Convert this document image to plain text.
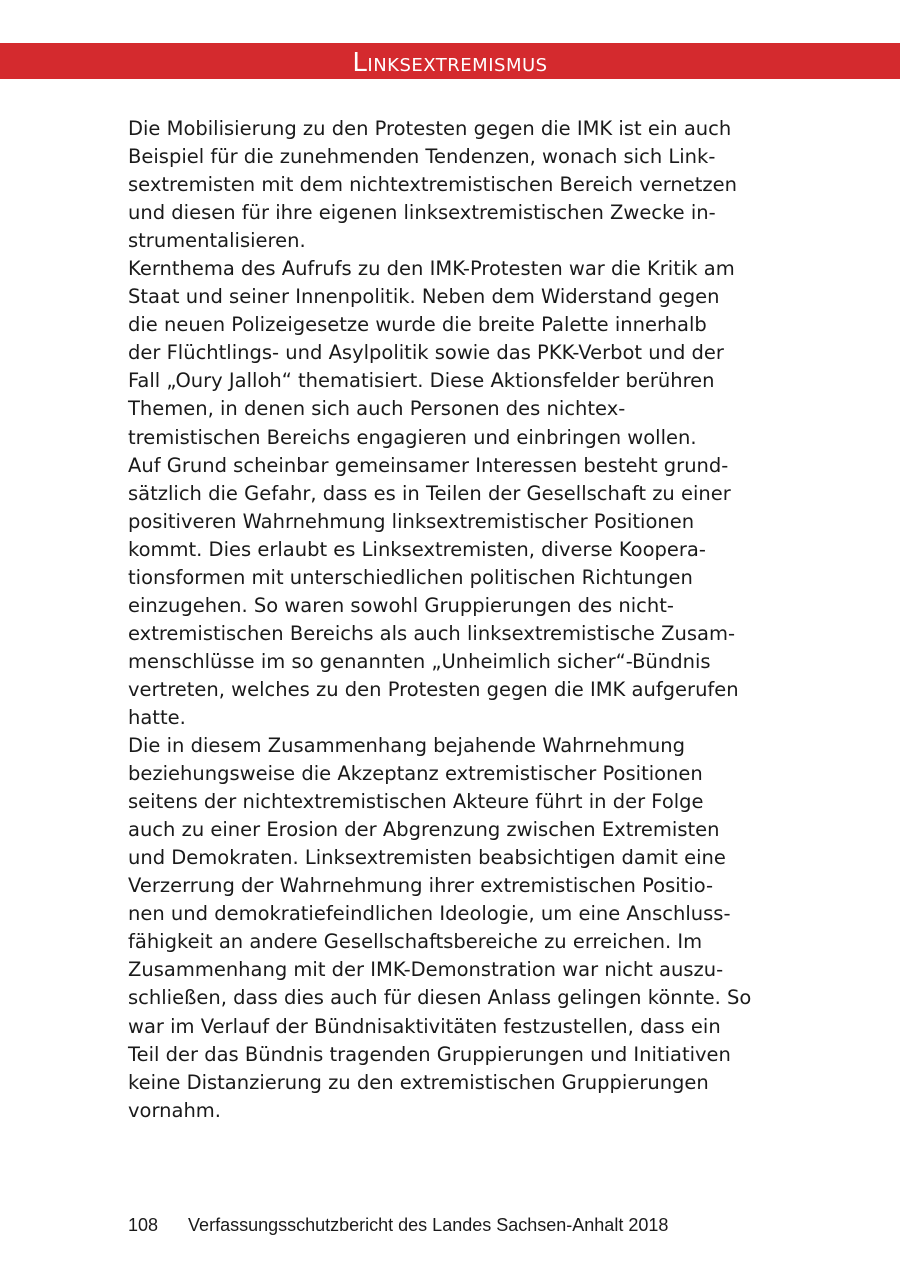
Linksextremismus
Die Mobilisierung zu den Protesten gegen die IMK ist ein auch
Beispiel für die zunehmenden Tendenzen, wonach sich Link-
sextremisten mit dem nichtextremistischen Bereich vernetzen
und diesen für ihre eigenen linksextremistischen Zwecke in-
strumentalisieren.
Kernthema des Aufrufs zu den IMK-Protesten war die Kritik am
Staat und seiner Innenpolitik. Neben dem Widerstand gegen
die neuen Polizeigesetze wurde die breite Palette innerhalb
der Flüchtlings- und Asylpolitik sowie das PKK-Verbot und der
Fall „Oury Jalloh“ thematisiert. Diese Aktionsfelder berühren
Themen, in denen sich auch Personen des nichtex-
tremistischen Bereichs engagieren und einbringen wollen.
Auf Grund scheinbar gemeinsamer Interessen besteht grund-
sätzlich die Gefahr, dass es in Teilen der Gesellschaft zu einer
positiveren Wahrnehmung linksextremistischer Positionen
kommt. Dies erlaubt es Linksextremisten, diverse Koopera-
tionsformen mit unterschiedlichen politischen Richtungen
einzugehen. So waren sowohl Gruppierungen des nicht-
extremistischen Bereichs als auch linksextremistische Zusam-
menschlüsse im so genannten „Unheimlich sicher“-Bündnis
vertreten, welches zu den Protesten gegen die IMK aufgerufen
hatte.
Die in diesem Zusammenhang bejahende Wahrnehmung
beziehungsweise die Akzeptanz extremistischer Positionen
seitens der nichtextremistischen Akteure führt in der Folge
auch zu einer Erosion der Abgrenzung zwischen Extremisten
und Demokraten. Linksextremisten beabsichtigen damit eine
Verzerrung der Wahrnehmung ihrer extremistischen Positio-
nen und demokratiefeindlichen Ideologie, um eine Anschluss-
fähigkeit an andere Gesellschaftsbereiche zu erreichen. Im
Zusammenhang mit der IMK-Demonstration war nicht auszu-
schließen, dass dies auch für diesen Anlass gelingen könnte. So
war im Verlauf der Bündnisaktivitäten festzustellen, dass ein
Teil der das Bündnis tragenden Gruppierungen und Initiativen
keine Distanzierung zu den extremistischen Gruppierungen
vornahm.
108 Verfassungsschutzbericht des Landes Sachsen-Anhalt 2018
